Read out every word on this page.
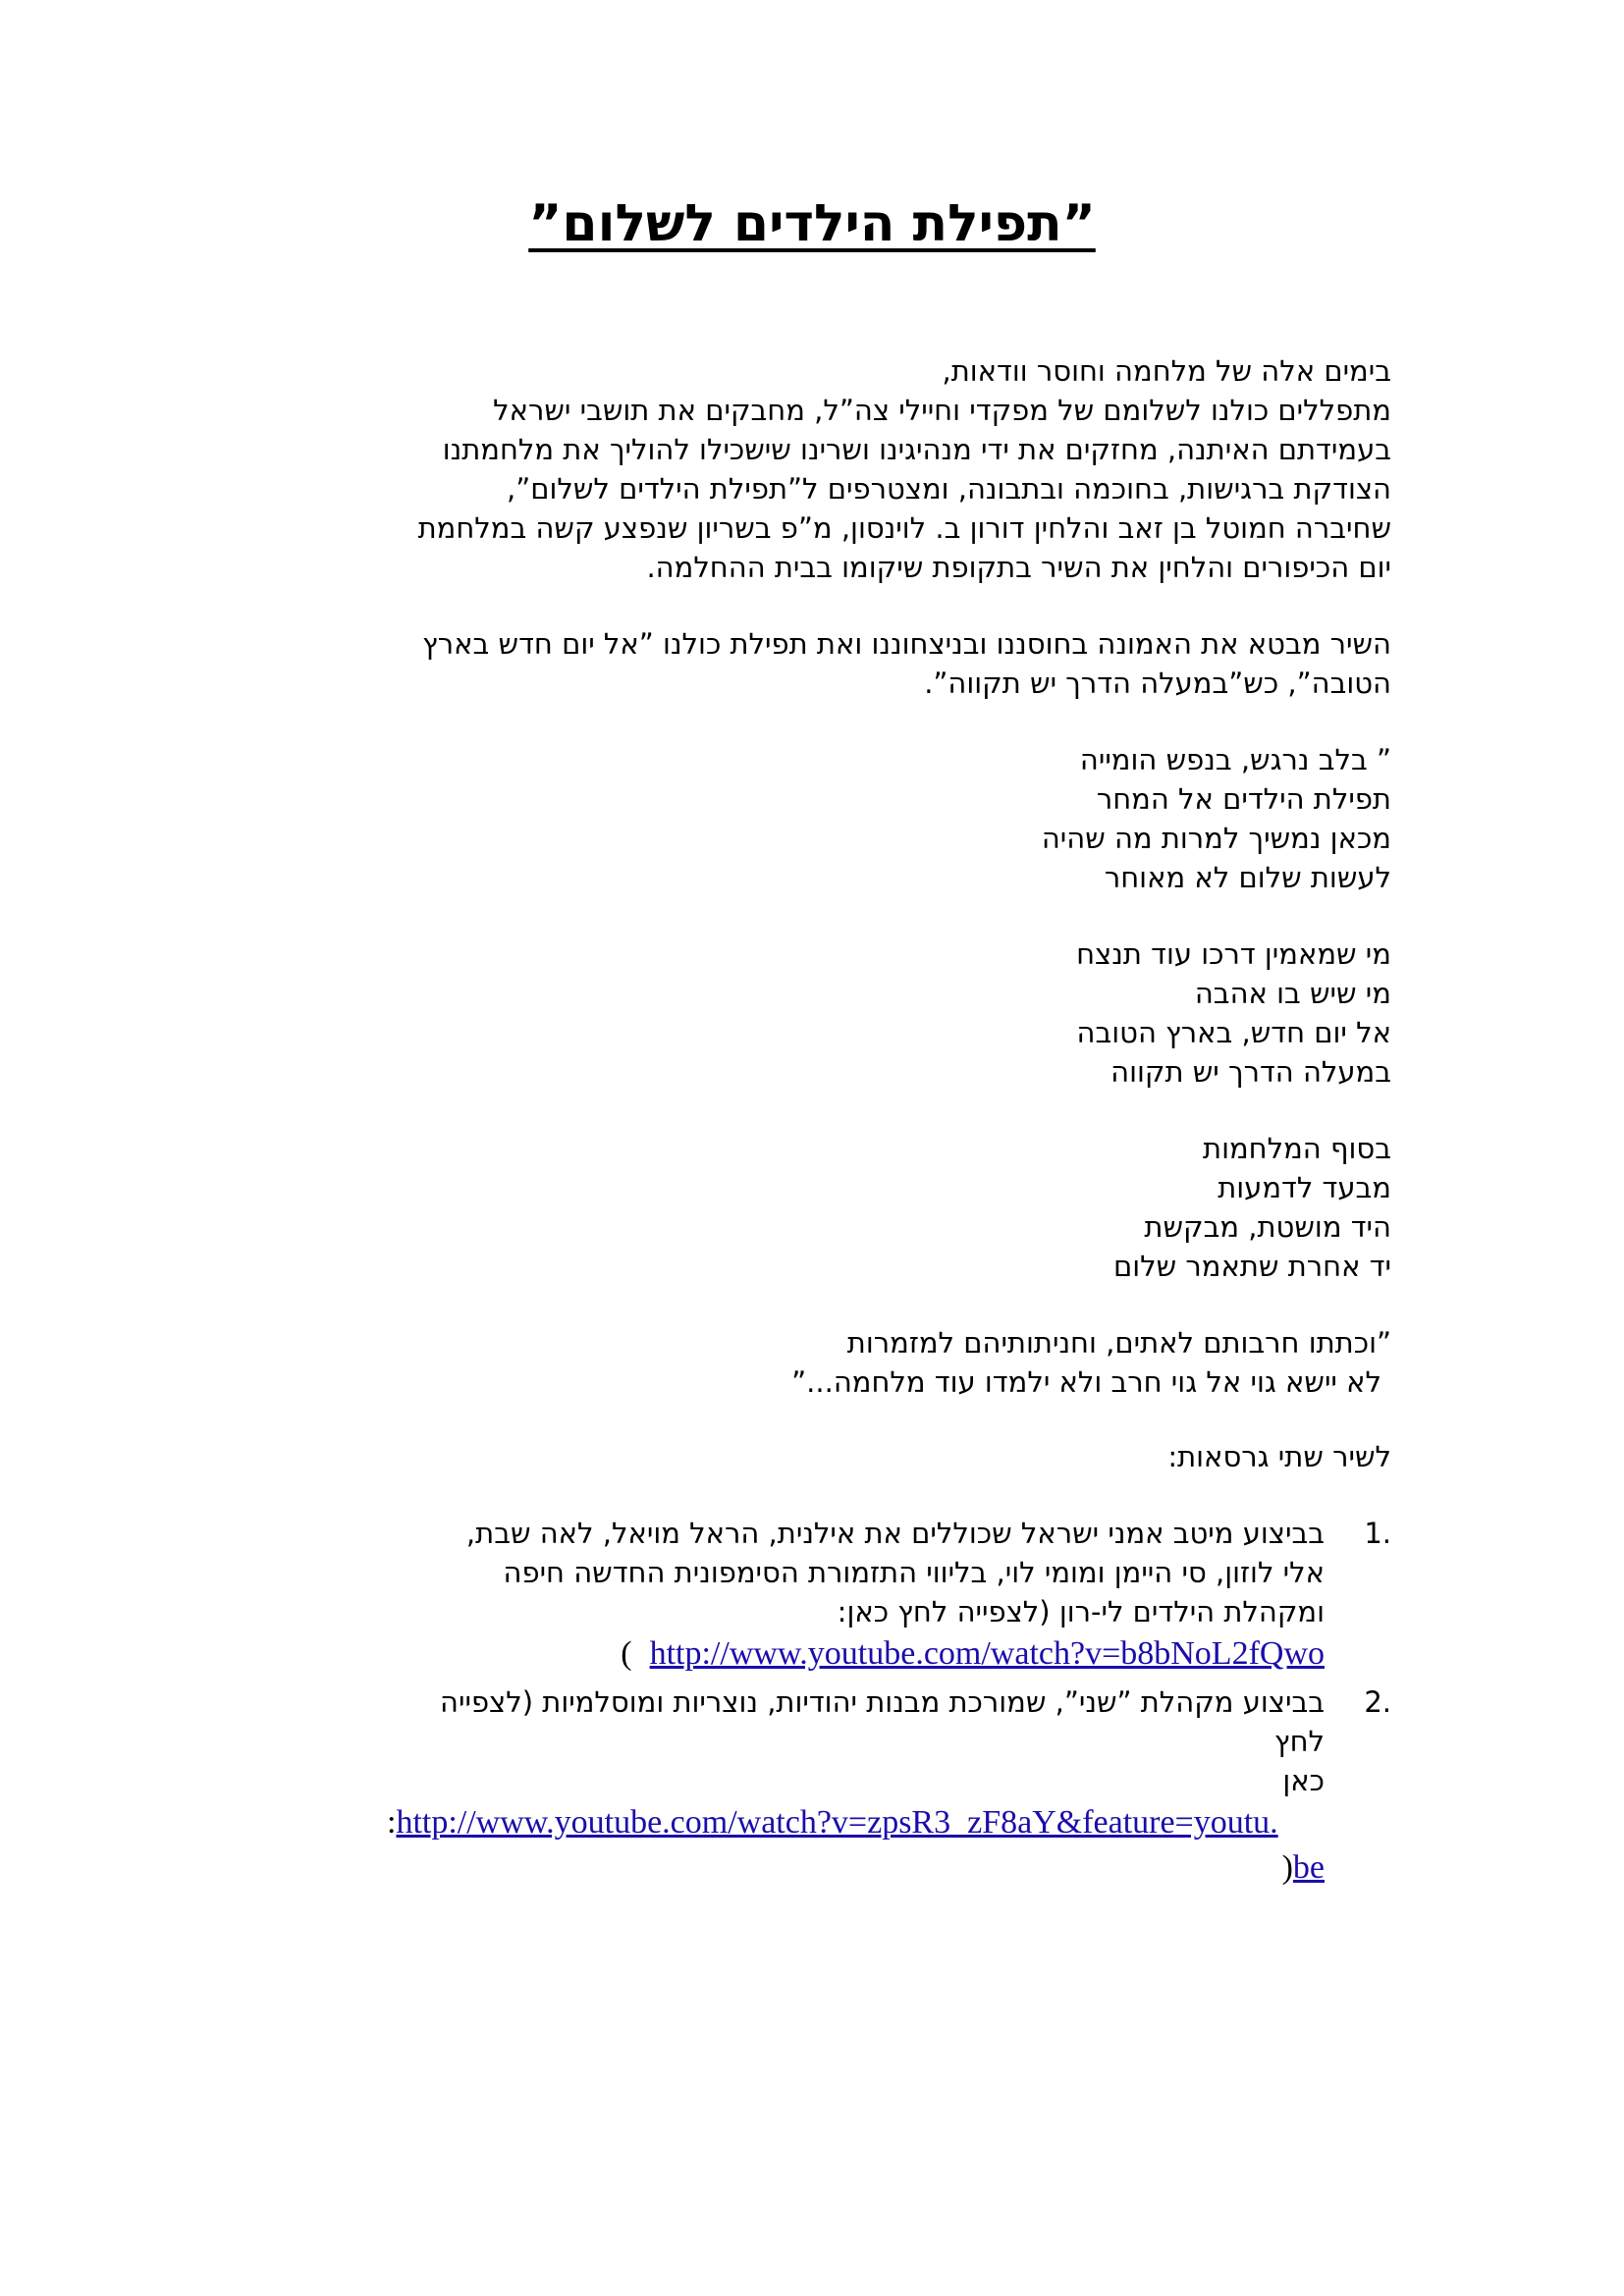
”תפילת הילדים לשלום”

בימים אלה של מלחמה וחוסר וודאות,
מתפללים כולנו לשלומם של מפקדי וחיילי צה”ל, מחבקים את תושבי ישראל
בעמידתם האיתנה, מחזקים את ידי מנהיגינו ושרינו שישכילו להוליך את מלחמתנו
הצודקת ברגישות, בחוכמה ובתבונה, ומצטרפים ל”תפילת הילדים לשלום”,
שחיברה חמוטל בן זאב והלחין דורון ב. לוינסון, מ”פ בשריון שנפצע קשה במלחמת
יום הכיפורים והלחין את השיר בתקופת שיקומו בבית ההחלמה.

השיר מבטא את האמונה בחוסננו ובניצחוננו ואת תפילת כולנו ”אל יום חדש בארץ
הטובה”, כש”במעלה הדרך יש תקווה”.

” בלב נרגש, בנפש הומייה
תפילת הילדים אל המחר
מכאן נמשיך למרות מה שהיה
לעשות שלום לא מאוחר
מי שמאמין דרכו עוד תנצח
מי שיש בו אהבה
אל יום חדש, בארץ הטובה
במעלה הדרך יש תקווה
בסוף המלחמות
מבעד לדמעות
היד מושטת, מבקשת
יד אחרת שתאמר שלום
”וכתתו חרבותם לאתים, וחניתותיהם למזמרות
לא יישא גוי אל גוי חרב ולא ילמדו עוד מלחמה...”

לשיר שתי גרסאות:

1.
בביצוע מיטב אמני ישראל שכוללים את אילנית, הראל מויאל, לאה שבת,
אלי לוזון, סי היימן ומומי לוי, בליווי התזמורת הסימפונית החדשה חיפה
ומקהלת הילדים לי-רון (לצפייה לחץ כאן:
http://www.youtube.com/watch?v=b8bNoL2fQwo)
2.
בביצוע מקהלת ”שני”, שמורכת מבנות יהודיות, נוצריות ומוסלמיות (לצפייה
לחץ
כאן
:http://www.youtube.com/watch?v=zpsR3_zF8aY&feature=youtu.
)be
